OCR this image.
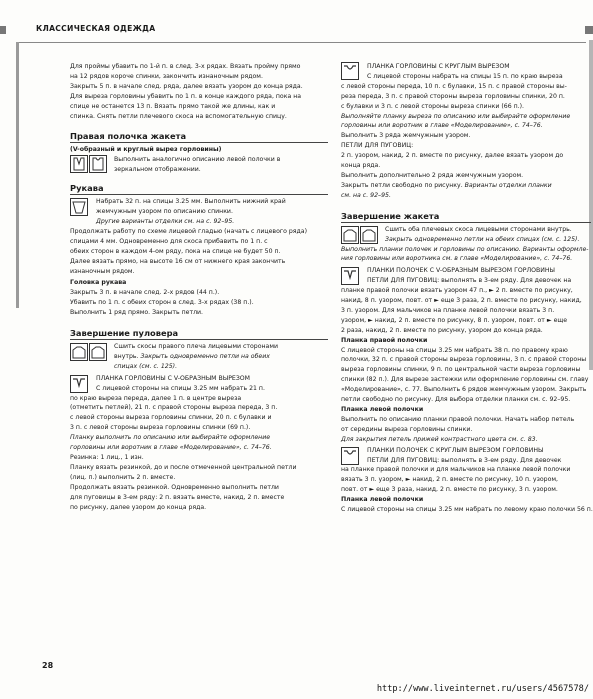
КЛАССИЧЕСКАЯ ОДЕЖДА

Для проймы убавить по 1-й п. в след. 3-х рядах. Вязать пройму прямо

на 12 рядов короче спинки, закончить изнаночным рядом.

Закрыть 5 п. в начале след. ряда, далее вязать узором до конца ряда.

Для выреза горловины убавить по 1 п. в конце каждого ряда, пока на

спице не останется 13 п. Вязать прямо такой же длины, как и

спинка. Снять петли плечевого скоса на вспомогательную спицу.

Правая полочка жакета

(V-образный и круглый вырез горловины)

Выполнить аналогично описанию левой полочки в

зеркальном отображении.

Рукава

Набрать 32 п. на спицы 3.25 мм. Выполнить нижний край

жемчужным узором по описанию спинки.

Другие варианты отделки см. на с. 92–95.

Продолжать работу по схеме лицевой гладью (начать с лицевого ряда)

спицами 4 мм. Одновременно для скоса прибавить по 1 п. с

обеих сторон в каждом 4-ом ряду, пока на спице не будет 50 п.

Далее вязать прямо, на высоте 16 см от нижнего края закончить

изнаночным рядом.

Головка рукава

Закрыть 3 п. в начале след. 2-х рядов (44 п.).

Убавить по 1 п. с обеих сторон в след. 3-х рядах (38 п.).

Выполнить 1 ряд прямо. Закрыть петли.

Завершение пуловера

Сшить скосы правого плеча лицевыми сторонами

внутрь. Закрыть одновременно петли на обеих

спицах (см. с. 125).

ПЛАНКА ГОРЛОВИНЫ С V-ОБРАЗНЫМ ВЫРЕЗОМ

С лицевой стороны на спицы 3.25 мм набрать 21 п.

по краю выреза переда, далее 1 п. в центре выреза

(отметить петлей), 21 п. с правой стороны выреза переда, 3 п.

с левой стороны выреза горловины спинки, 20 п. с булавки и

3 п. с левой стороны выреза горловины спинки (69 п.).

Планку выполнить по описанию или выбирайте оформление

горловины или воротник в главе «Моделирование», с. 74–76.

Резинка: 1 лиц., 1 изн.

Планку вязать резинкой, до и после отмеченной центральной петли

(лиц. п.) выполнить 2 п. вместе.

Продолжать вязать резинкой. Одновременно выполнить петли

для пуговицы в 3-ем ряду: 2 п. вязать вместе, накид, 2 п. вместе

по рисунку, далее узором до конца ряда.

ПЛАНКА ГОРЛОВИНЫ С КРУГЛЫМ ВЫРЕЗОМ

С лицевой стороны набрать на спицы 15 п. по краю выреза

с левой стороны переда, 10 п. с булавки, 15 п. с правой стороны вы-

реза переда, 3 п. с правой стороны выреза горловины спинки, 20 п.

с булавки и 3 п. с левой стороны выреза спинки (66 п.).

Выполняйте планку выреза по описанию или выбирайте оформление

горловины или воротник в главе «Моделирование», с. 74–76.

Выполнить 3 ряда жемчужным узором.

ПЕТЛИ ДЛЯ ПУГОВИЦ:

2 п. узором, накид, 2 п. вместе по рисунку, далее вязать узором до

конца ряда.

Выполнить дополнительно 2 ряда жемчужным узором.

Закрыть петли свободно по рисунку. Варианты отделки планки

см. на с. 92–95.

Завершение жакета

Сшить оба плечевых скоса лицевыми сторонами внутрь.

Закрыть одновременно петли на обеих спицах (см. с. 125).

Выполнить планки полочек и горловины по описанию. Варианты оформле-

ния горловины или воротника см. в главе «Моделирование», с. 74–76.

ПЛАНКИ ПОЛОЧЕК С V-ОБРАЗНЫМ ВЫРЕЗОМ ГОРЛОВИНЫ

ПЕТЛИ ДЛЯ ПУГОВИЦ: выполнять в 3-ем ряду. Для девочек на

планке правой полочки вязать узором 47 п., ► 2 п. вместе по рисунку,

накид, 8 п. узором, повт. от ► еще 3 раза, 2 п. вместе по рисунку, накид,

3 п. узором. Для мальчиков на планке левой полочки вязать 3 п.

узором, ► накид, 2 п. вместе по рисунку, 8 п. узором, повт. от ► еще

2 раза, накид, 2 п. вместе по рисунку, узором до конца ряда.

Планка правой полочки

С лицевой стороны на спицы 3.25 мм набрать 38 п. по правому краю

полочки, 32 п. с правой стороны выреза горловины, 3 п. с правой стороны

выреза горловины спинки, 9 п. по центральной части выреза горловины

спинки (82 п.). Для вырезе застежки или оформление горловины см. главу

«Моделирование», с. 77. Выполнить 6 рядов жемчужным узором. Закрыть

петли свободно по рисунку. Для выбора отделки планки см. с. 92–95.

Планка левой полочки

Выполнить по описанию планки правой полочки. Начать набор петель

от середины выреза горловины спинки.

Для закрытия петель прижей контрастного цвета см. с. 83.

ПЛАНКИ ПОЛОЧЕК С КРУГЛЫМ ВЫРЕЗОМ ГОРЛОВИНЫ

ПЕТЛИ ДЛЯ ПУГОВИЦ: выполнять в 3-ем ряду. Для девочек

на планке правой полочки и для мальчиков на планке левой полочки

вязать 3 п. узором, ► накид, 2 п. вместе по рисунку, 10 п. узором,

повт. от ► еще 3 раза, накид, 2 п. вместе по рисунку, 3 п. узором.

Планка левой полочки

С лицевой стороны на спицы 3.25 мм набрать по левому краю полочки 56 п.

28
http://www.liveinternet.ru/users/4567578/
